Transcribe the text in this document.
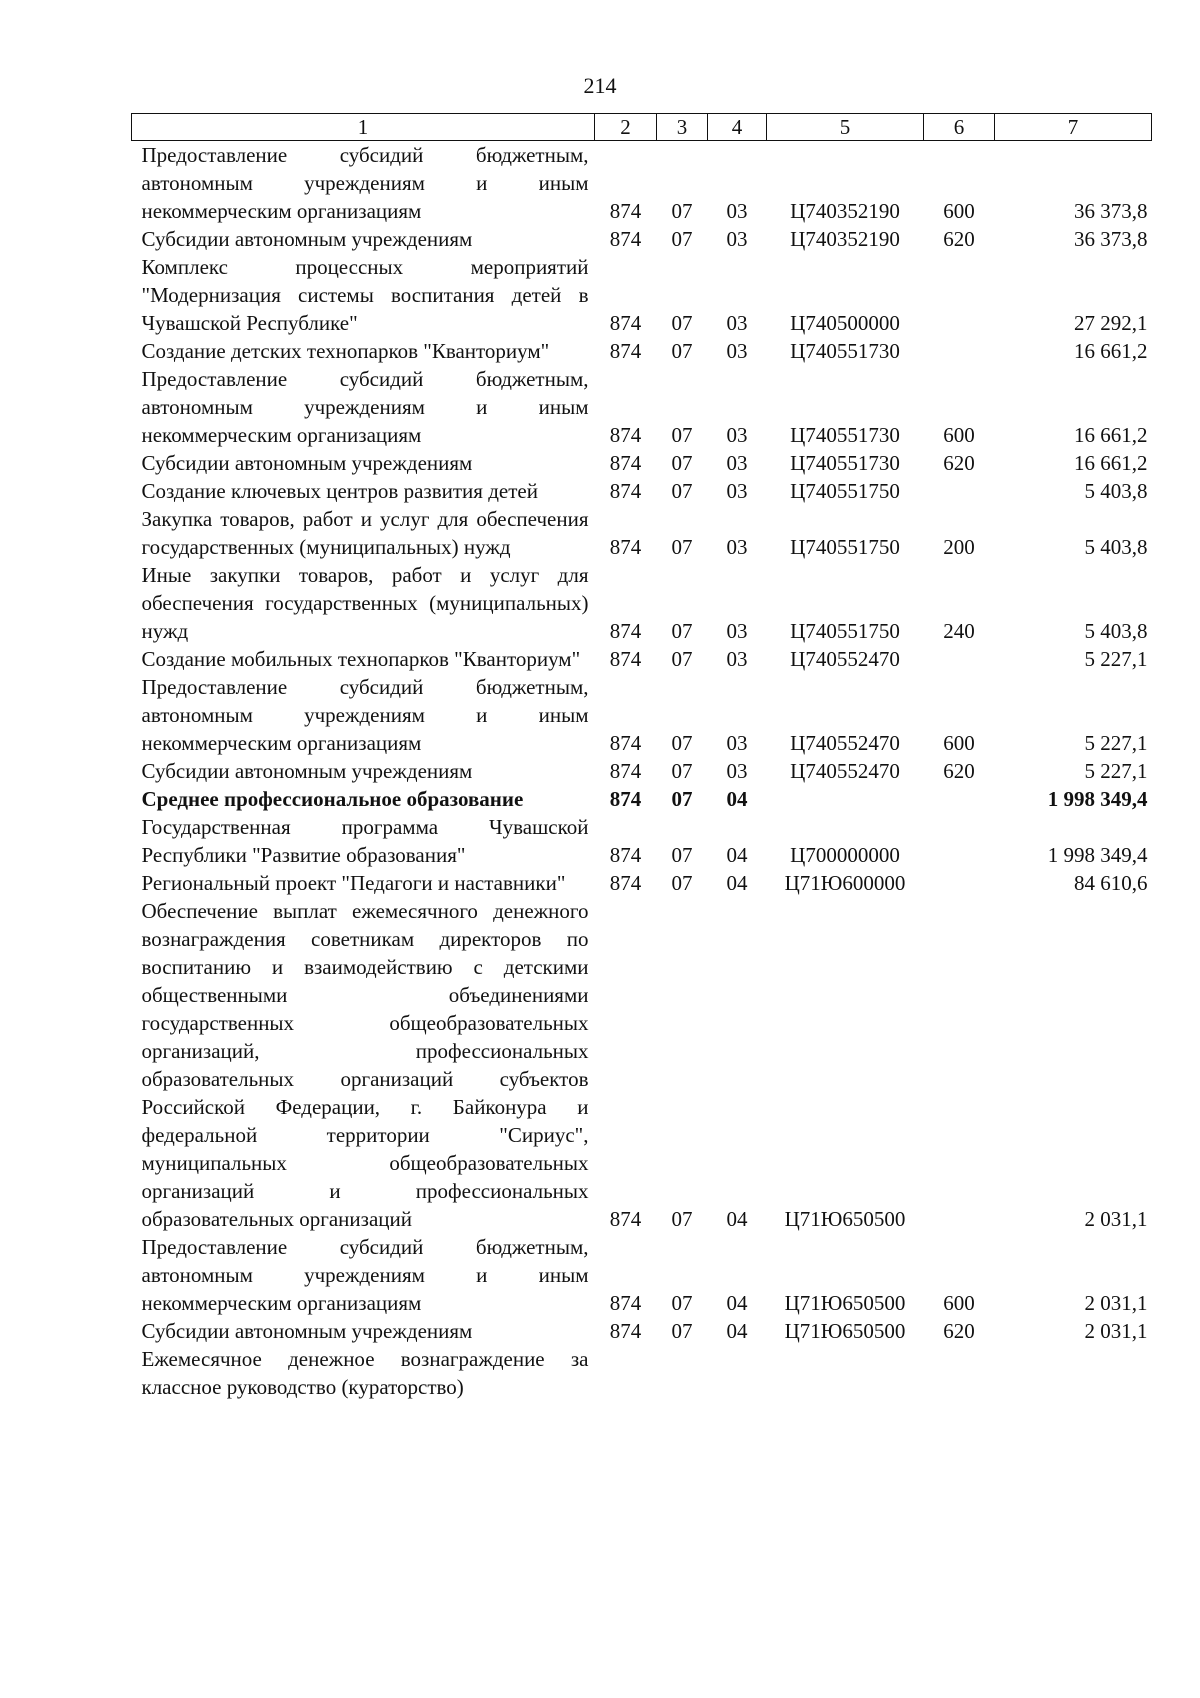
214
1	2	3	4	5	6	7
Предоставление субсидий бюджетным, автономным учреждениям и иным некоммерческим организациям	874	07	03	Ц740352190	600	36 373,8
Субсидии автономным учреждениям	874	07	03	Ц740352190	620	36 373,8
Комплекс процессных мероприятий "Модернизация системы воспитания детей в Чувашской Республике"	874	07	03	Ц740500000		27 292,1
Создание детских технопарков "Кванториум"	874	07	03	Ц740551730		16 661,2
Предоставление субсидий бюджетным, автономным учреждениям и иным некоммерческим организациям	874	07	03	Ц740551730	600	16 661,2
Субсидии автономным учреждениям	874	07	03	Ц740551730	620	16 661,2
Создание ключевых центров развития детей	874	07	03	Ц740551750		5 403,8
Закупка товаров, работ и услуг для обеспечения государственных (муниципальных) нужд	874	07	03	Ц740551750	200	5 403,8
Иные закупки товаров, работ и услуг для обеспечения государственных (муниципальных) нужд	874	07	03	Ц740551750	240	5 403,8
Создание мобильных технопарков "Кванториум"	874	07	03	Ц740552470		5 227,1
Предоставление субсидий бюджетным, автономным учреждениям и иным некоммерческим организациям	874	07	03	Ц740552470	600	5 227,1
Субсидии автономным учреждениям	874	07	03	Ц740552470	620	5 227,1
Среднее профессиональное образование	874	07	04			1 998 349,4
Государственная программа Чувашской Республики "Развитие образования"	874	07	04	Ц700000000		1 998 349,4
Региональный проект "Педагоги и наставники"	874	07	04	Ц71Ю600000		84 610,6
Обеспечение выплат ежемесячного денежного вознаграждения советникам директоров по воспитанию и взаимодействию с детскими общественными объединениями государственных общеобразовательных организаций, профессиональных образовательных организаций субъектов Российской Федерации, г. Байконура и федеральной территории "Сириус", муниципальных общеобразовательных организаций и профессиональных образовательных организаций	874	07	04	Ц71Ю650500		2 031,1
Предоставление субсидий бюджетным, автономным учреждениям и иным некоммерческим организациям	874	07	04	Ц71Ю650500	600	2 031,1
Субсидии автономным учреждениям	874	07	04	Ц71Ю650500	620	2 031,1
Ежемесячное денежное вознаграждение за классное руководство (кураторство)						
